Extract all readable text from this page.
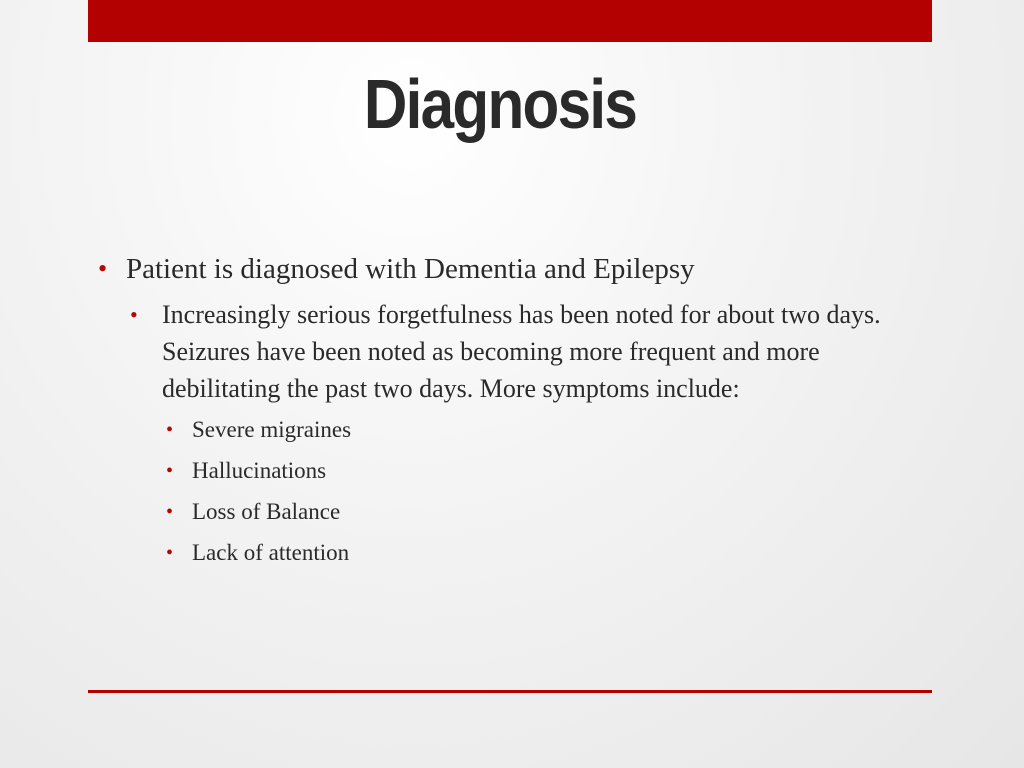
Diagnosis
• Patient is diagnosed with Dementia and Epilepsy
• Increasingly serious forgetfulness has been noted for about two days. Seizures have been noted as becoming more frequent and more debilitating the past two days. More symptoms include:
• Severe migraines
• Hallucinations
• Loss of Balance
• Lack of attention
